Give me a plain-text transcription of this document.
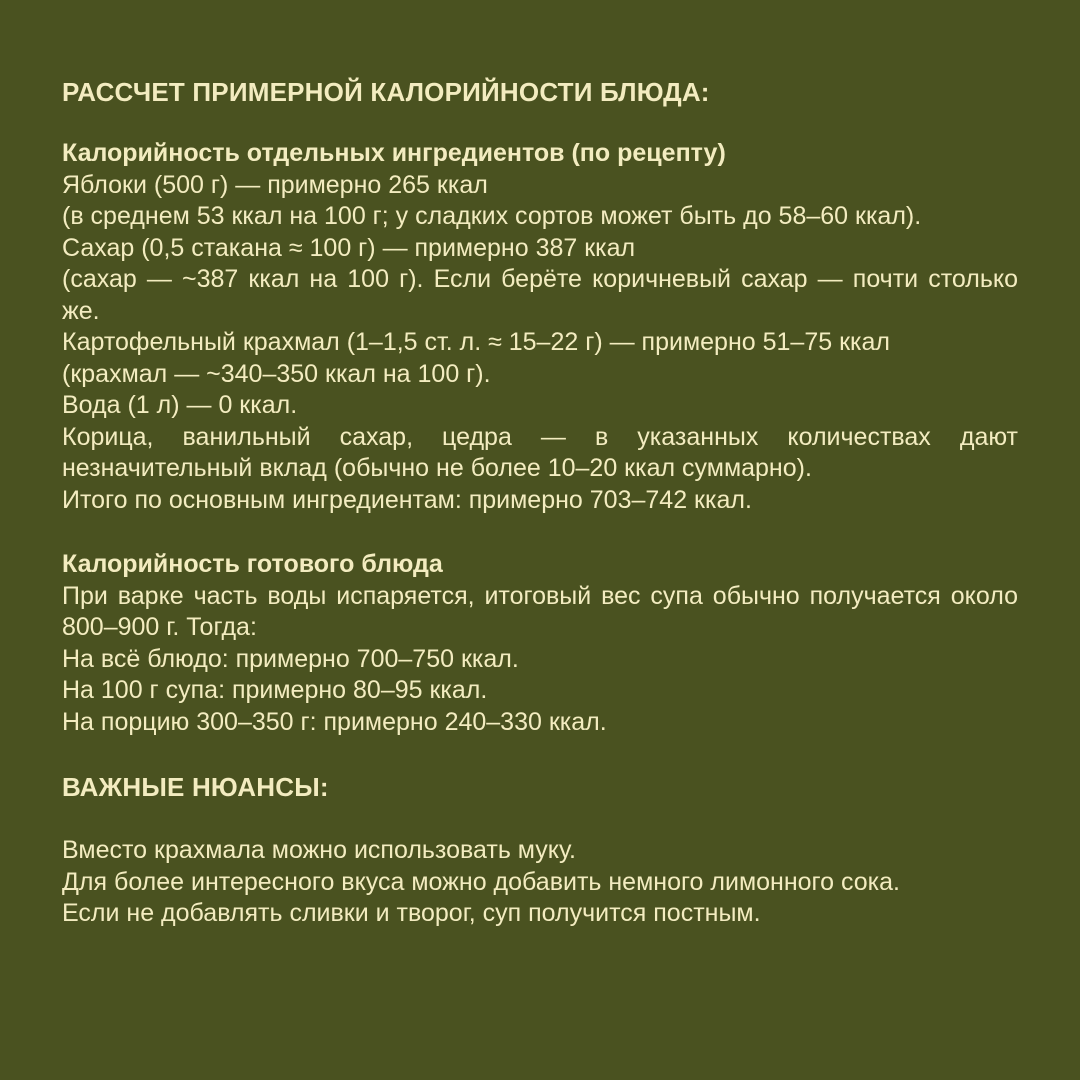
РАССЧЕТ ПРИМЕРНОЙ КАЛОРИЙНОСТИ БЛЮДА:

Калорийность отдельных ингредиентов (по рецепту)

Яблоки (500 г) — примерно 265 ккал

(в среднем 53 ккал на 100 г; у сладких сортов может быть до 58–60 ккал).

Сахар (0,5 стакана ≈ 100 г) — примерно 387 ккал

(сахар — ~387 ккал на 100 г). Если берёте коричневый сахар — почти столько же.

Картофельный крахмал (1–1,5 ст. л. ≈ 15–22 г) — примерно 51–75 ккал

(крахмал — ~340–350 ккал на 100 г).

Вода (1 л) — 0 ккал.

Корица, ванильный сахар, цедра — в указанных количествах дают незначительный вклад (обычно не более 10–20 ккал суммарно).

Итого по основным ингредиентам: примерно 703–742 ккал.

Калорийность готового блюда

При варке часть воды испаряется, итоговый вес супа обычно получается около 800–900 г. Тогда:

На всё блюдо: примерно 700–750 ккал.

На 100 г супа: примерно 80–95 ккал.

На порцию 300–350 г: примерно 240–330 ккал.

ВАЖНЫЕ НЮАНСЫ:

Вместо крахмала можно использовать муку.

Для более интересного вкуса можно добавить немного лимонного сока.

Если не добавлять сливки и творог, суп получится постным.
